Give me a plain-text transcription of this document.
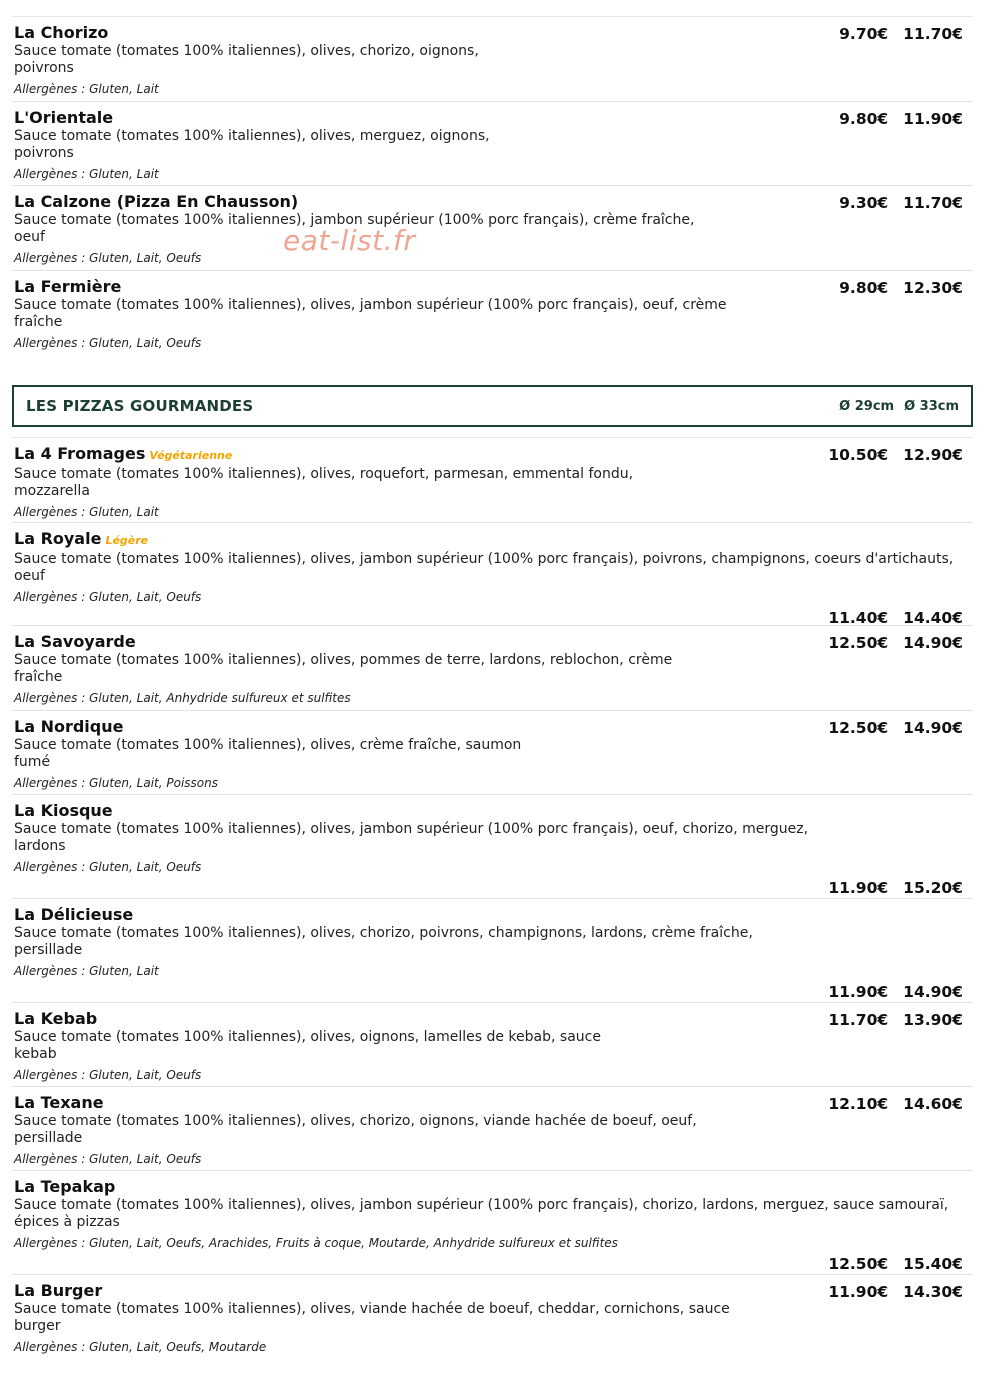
La Chorizo
Sauce tomate (tomates 100% italiennes), olives, chorizo, oignons, poivrons
Allergènes : Gluten, Lait
9.70€ 11.70€
L'Orientale
Sauce tomate (tomates 100% italiennes), olives, merguez, oignons, poivrons
Allergènes : Gluten, Lait
9.80€ 11.90€
La Calzone (Pizza En Chausson)
Sauce tomate (tomates 100% italiennes), jambon supérieur (100% porc français), crème fraîche, oeuf
Allergènes : Gluten, Lait, Oeufs
9.30€ 11.70€
La Fermière
Sauce tomate (tomates 100% italiennes), olives, jambon supérieur (100% porc français), oeuf, crème fraîche
Allergènes : Gluten, Lait, Oeufs
9.80€ 12.30€
eat-list.fr
LES PIZZAS GOURMANDES	Ø 29cm Ø 33cm
La 4 Fromages Végétarienne
Sauce tomate (tomates 100% italiennes), olives, roquefort, parmesan, emmental fondu, mozzarella
Allergènes : Gluten, Lait
10.50€ 12.90€
La Royale Légère
Sauce tomate (tomates 100% italiennes), olives, jambon supérieur (100% porc français), poivrons, champignons, coeurs d'artichauts, oeuf
Allergènes : Gluten, Lait, Oeufs
11.40€ 14.40€
La Savoyarde
Sauce tomate (tomates 100% italiennes), olives, pommes de terre, lardons, reblochon, crème fraîche
Allergènes : Gluten, Lait, Anhydride sulfureux et sulfites
12.50€ 14.90€
La Nordique
Sauce tomate (tomates 100% italiennes), olives, crème fraîche, saumon fumé
Allergènes : Gluten, Lait, Poissons
12.50€ 14.90€
La Kiosque
Sauce tomate (tomates 100% italiennes), olives, jambon supérieur (100% porc français), oeuf, chorizo, merguez, lardons
Allergènes : Gluten, Lait, Oeufs
11.90€ 15.20€
La Délicieuse
Sauce tomate (tomates 100% italiennes), olives, chorizo, poivrons, champignons, lardons, crème fraîche, persillade
Allergènes : Gluten, Lait
11.90€ 14.90€
La Kebab
Sauce tomate (tomates 100% italiennes), olives, oignons, lamelles de kebab, sauce kebab
Allergènes : Gluten, Lait, Oeufs
11.70€ 13.90€
La Texane
Sauce tomate (tomates 100% italiennes), olives, chorizo, oignons, viande hachée de boeuf, oeuf, persillade
Allergènes : Gluten, Lait, Oeufs
12.10€ 14.60€
La Tepakap
Sauce tomate (tomates 100% italiennes), olives, jambon supérieur (100% porc français), chorizo, lardons, merguez, sauce samouraï, épices à pizzas
Allergènes : Gluten, Lait, Oeufs, Arachides, Fruits à coque, Moutarde, Anhydride sulfureux et sulfites
12.50€ 15.40€
La Burger
Sauce tomate (tomates 100% italiennes), olives, viande hachée de boeuf, cheddar, cornichons, sauce burger
Allergènes : Gluten, Lait, Oeufs, Moutarde
11.90€ 14.30€
